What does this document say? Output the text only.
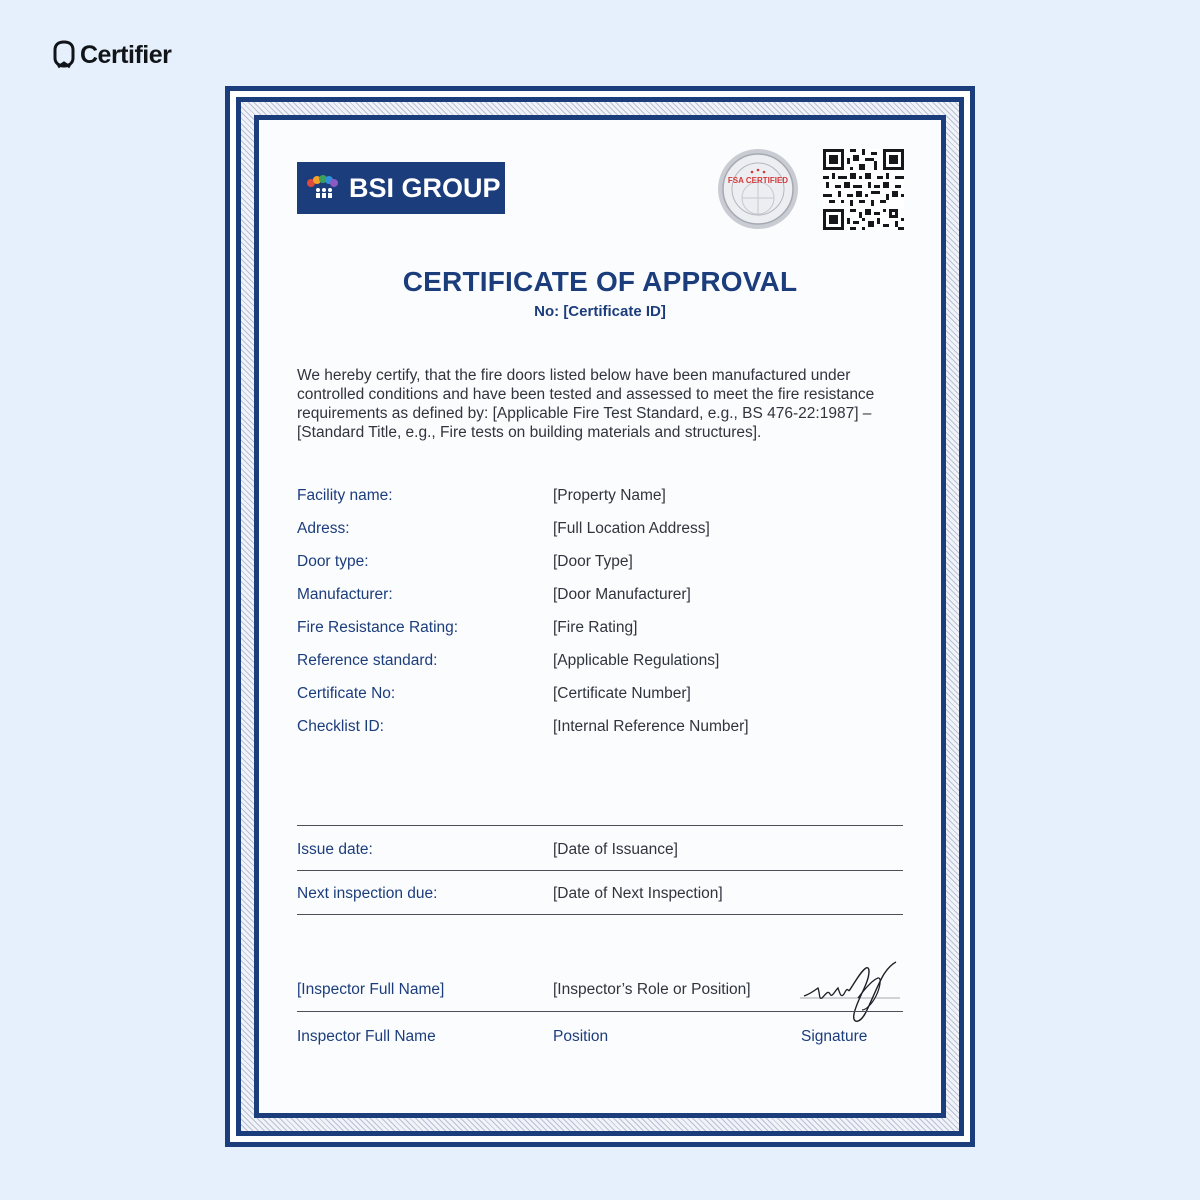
Certifier
BSI GROUP	FSA CERTIFIED
CERTIFICATE OF APPROVAL
No: [Certificate ID]
We hereby certify, that the fire doors listed below have been manufactured under controlled conditions and have been tested and assessed to meet the fire resistance requirements as defined by: [Applicable Fire Test Standard, e.g., BS 476-22:1987] – [Standard Title, e.g., Fire tests on building materials and structures].
Facility name:	[Property Name]
Adress:	[Full Location Address]
Door type:	[Door Type]
Manufacturer:	[Door Manufacturer]
Fire Resistance Rating:	[Fire Rating]
Reference standard:	[Applicable Regulations]
Certificate No:	[Certificate Number]
Checklist ID:	[Internal Reference Number]
Issue date:	[Date of Issuance]
Next inspection due:	[Date of Next Inspection]
[Inspector Full Name]	[Inspector’s Role or Position]
Inspector Full Name	Position	Signature
